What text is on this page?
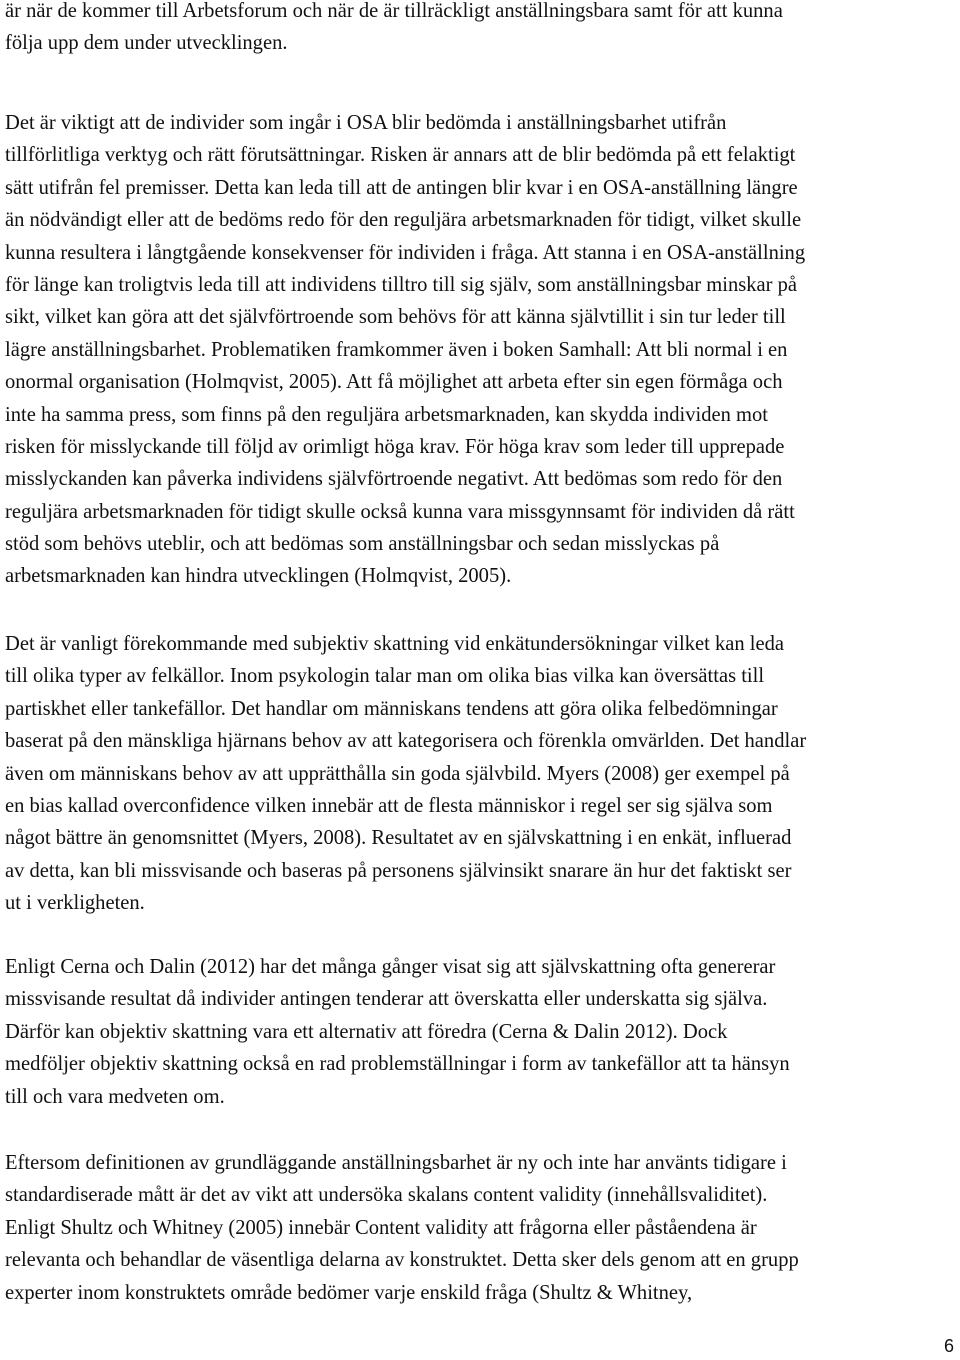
är när de kommer till Arbetsforum och när de är tillräckligt anställningsbara samt för att kunna
följa upp dem under utvecklingen.
Det är viktigt att de individer som ingår i OSA blir bedömda i anställningsbarhet utifrån
tillförlitliga verktyg och rätt förutsättningar. Risken är annars att de blir bedömda på ett felaktigt
sätt utifrån fel premisser. Detta kan leda till att de antingen blir kvar i en OSA-anställning längre
än nödvändigt eller att de bedöms redo för den reguljära arbetsmarknaden för tidigt, vilket skulle
kunna resultera i långtgående konsekvenser för individen i fråga. Att stanna i en OSA-anställning
för länge kan troligtvis leda till att individens tilltro till sig själv, som anställningsbar minskar på
sikt, vilket kan göra att det självförtroende som behövs för att känna självtillit i sin tur leder till
lägre anställningsbarhet. Problematiken framkommer även i boken Samhall: Att bli normal i en
onormal organisation (Holmqvist, 2005). Att få möjlighet att arbeta efter sin egen förmåga och
inte ha samma press, som finns på den reguljära arbetsmarknaden, kan skydda individen mot
risken för misslyckande till följd av orimligt höga krav. För höga krav som leder till upprepade
misslyckanden kan påverka individens självförtroende negativt. Att bedömas som redo för den
reguljära arbetsmarknaden för tidigt skulle också kunna vara missgynnsamt för individen då rätt
stöd som behövs uteblir, och att bedömas som anställningsbar och sedan misslyckas på
arbetsmarknaden kan hindra utvecklingen (Holmqvist, 2005).
Det är vanligt förekommande med subjektiv skattning vid enkätundersökningar vilket kan leda
till olika typer av felkällor. Inom psykologin talar man om olika bias vilka kan översättas till
partiskhet eller tankefällor. Det handlar om människans tendens att göra olika felbedömningar
baserat på den mänskliga hjärnans behov av att kategorisera och förenkla omvärlden. Det handlar
även om människans behov av att upprätthålla sin goda självbild. Myers (2008) ger exempel på
en bias kallad overconfidence vilken innebär att de flesta människor i regel ser sig själva som
något bättre än genomsnittet (Myers, 2008). Resultatet av en självskattning i en enkät, influerad
av detta, kan bli missvisande och baseras på personens självinsikt snarare än hur det faktiskt ser
ut i verkligheten.
Enligt Cerna och Dalin (2012) har det många gånger visat sig att självskattning ofta genererar
missvisande resultat då individer antingen tenderar att överskatta eller underskatta sig själva.
Därför kan objektiv skattning vara ett alternativ att föredra (Cerna & Dalin 2012). Dock
medföljer objektiv skattning också en rad problemställningar i form av tankefällor att ta hänsyn
till och vara medveten om.
Eftersom definitionen av grundläggande anställningsbarhet är ny och inte har använts tidigare i
standardiserade mått är det av vikt att undersöka skalans content validity (innehållsvaliditet).
Enligt Shultz och Whitney (2005) innebär Content validity att frågorna eller påståendena är
relevanta och behandlar de väsentliga delarna av konstruktet. Detta sker dels genom att en grupp
experter inom konstruktets område bedömer varje enskild fråga (Shultz & Whitney,
6
